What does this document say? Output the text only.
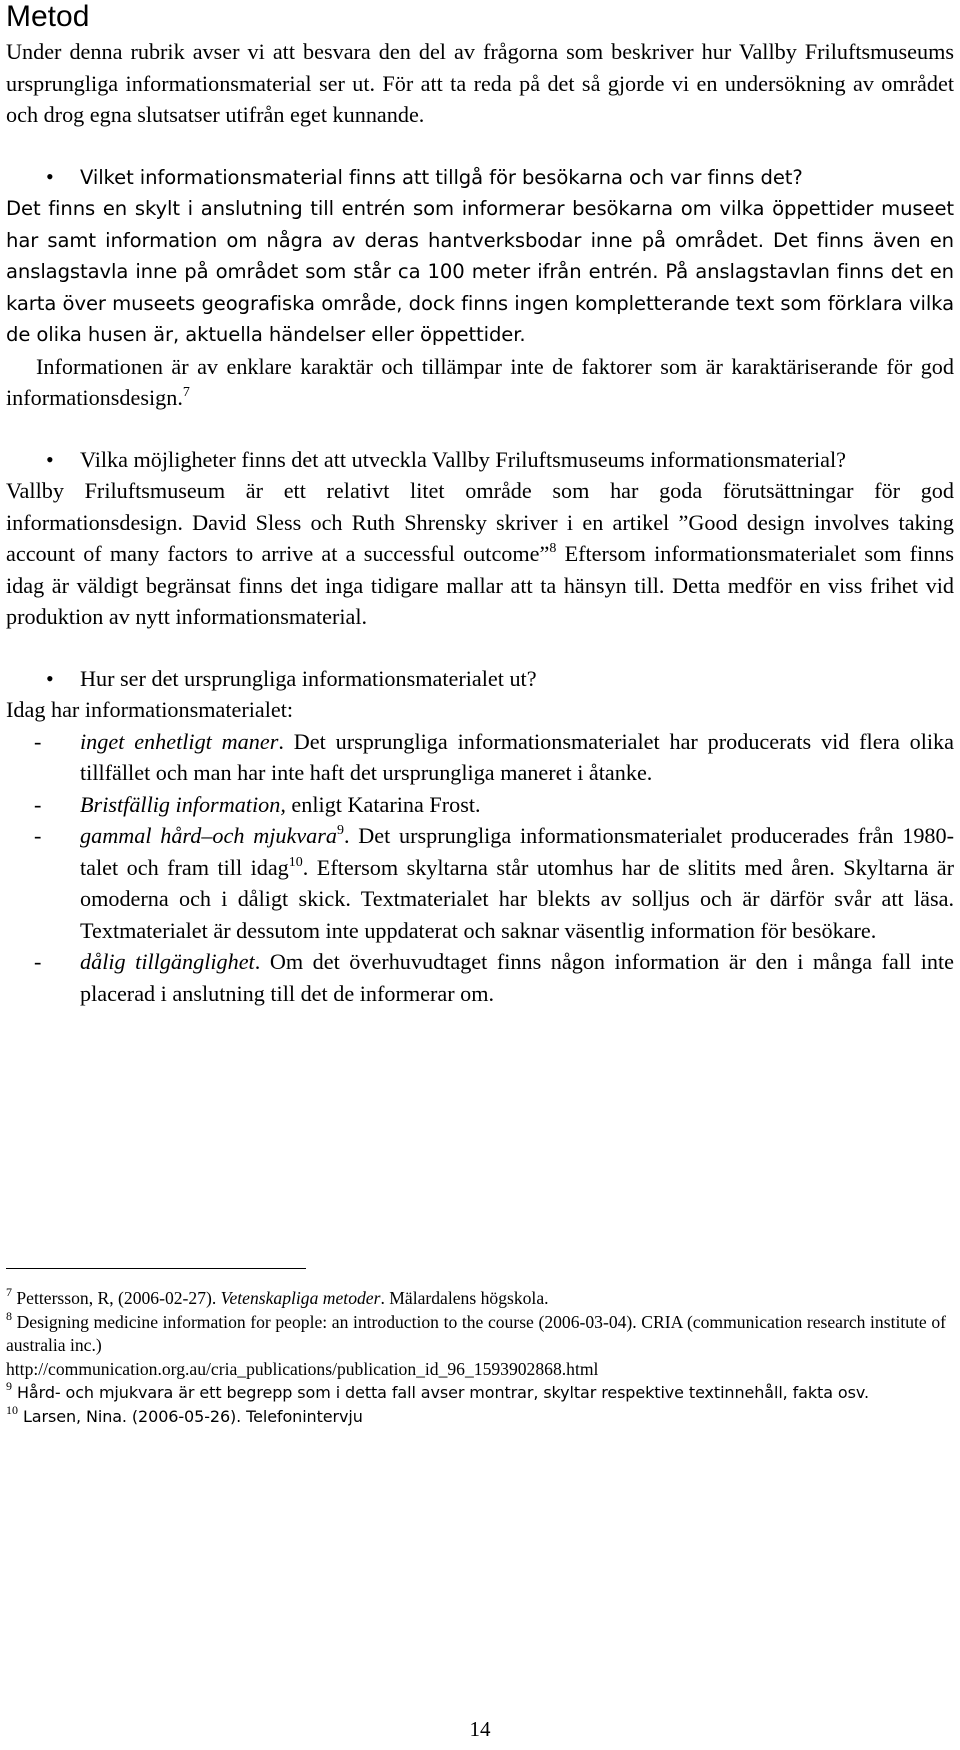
Metod

Under denna rubrik avser vi att besvara den del av frågorna som beskriver hur Vallby Friluftsmuseums ursprungliga informationsmaterial ser ut. För att ta reda på det så gjorde vi en undersökning av området och drog egna slutsatser utifrån eget kunnande.

• Vilket informationsmaterial finns att tillgå för besökarna och var finns det?

Det finns en skylt i anslutning till entrén som informerar besökarna om vilka öppettider museet har samt information om några av deras hantverksbodar inne på området. Det finns även en anslagstavla inne på området som står ca 100 meter ifrån entrén. På anslagstavlan finns det en karta över museets geografiska område, dock finns ingen kompletterande text som förklara vilka de olika husen är, aktuella händelser eller öppettider.

Informationen är av enklare karaktär och tillämpar inte de faktorer som är karaktäriserande för god informationsdesign.$^7$

• Vilka möjligheter finns det att utveckla Vallby Friluftsmuseums informationsmaterial?

Vallby Friluftsmuseum är ett relativt litet område som har goda förutsättningar för god informationsdesign. David Sless och Ruth Shrensky skriver i en artikel ”Good design involves taking account of many factors to arrive at a successful outcome”$^8$ Eftersom informationsmaterialet som finns idag är väldigt begränsat finns det inga tidigare mallar att ta hänsyn till. Detta medför en viss frihet vid produktion av nytt informationsmaterial.

• Hur ser det ursprungliga informationsmaterialet ut?

Idag har informationsmaterialet:

- inget enhetligt maner. Det ursprungliga informationsmaterialet har producerats vid flera olika tillfället och man har inte haft det ursprungliga maneret i åtanke.

- Bristfällig information, enligt Katarina Frost.

- gammal hård–och mjukvara$^9$. Det ursprungliga informationsmaterialet producerades från 1980-talet och fram till idag$^{10}$. Eftersom skyltarna står utomhus har de slitits med åren. Skyltarna är omoderna och i dåligt skick. Textmaterialet har blekts av solljus och är därför svår att läsa. Textmaterialet är dessutom inte uppdaterat och saknar väsentlig information för besökare.

- dålig tillgänglighet. Om det överhuvudtaget finns någon information är den i många fall inte placerad i anslutning till det de informerar om.

$^7$ Pettersson, R, (2006-02-27). Vetenskapliga metoder. Mälardalens högskola.

$^8$ Designing medicine information for people: an introduction to the course (2006-03-04). CRIA (communication research institute of australia inc.)

http://communication.org.au/cria_publications/publication_id_96_1593902868.html

$^9$ Hård- och mjukvara är ett begrepp som i detta fall avser montrar, skyltar respektive textinnehåll, fakta osv.

$^{10}$ Larsen, Nina. (2006-05-26). Telefonintervju

14
